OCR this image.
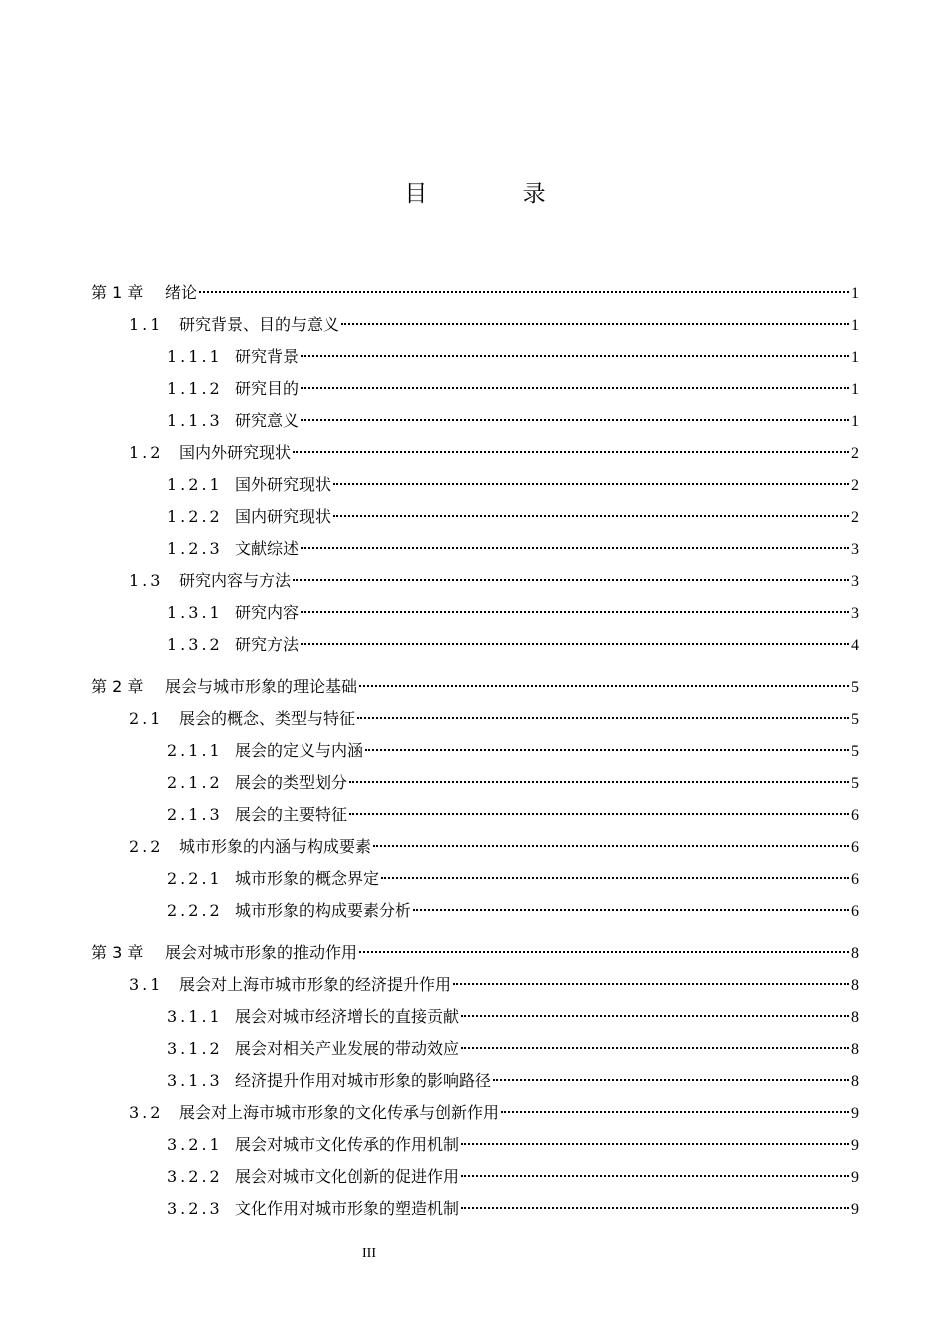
目 录
第 1 章	绪论	1
1.1 研究背景、目的与意义	1
1.1.1 研究背景	1
1.1.2 研究目的	1
1.1.3 研究意义	1
1.2 国内外研究现状	2
1.2.1 国外研究现状	2
1.2.2 国内研究现状	2
1.2.3 文献综述	3
1.3 研究内容与方法	3
1.3.1 研究内容	3
1.3.2 研究方法	4
第 2 章	展会与城市形象的理论基础	5
2.1 展会的概念、类型与特征	5
2.1.1 展会的定义与内涵	5
2.1.2 展会的类型划分	5
2.1.3 展会的主要特征	6
2.2 城市形象的内涵与构成要素	6
2.2.1 城市形象的概念界定	6
2.2.2 城市形象的构成要素分析	6
第 3 章	展会对城市形象的推动作用	8
3.1 展会对上海市城市形象的经济提升作用	8
3.1.1 展会对城市经济增长的直接贡献	8
3.1.2 展会对相关产业发展的带动效应	8
3.1.3 经济提升作用对城市形象的影响路径	8
3.2 展会对上海市城市形象的文化传承与创新作用	9
3.2.1 展会对城市文化传承的作用机制	9
3.2.2 展会对城市文化创新的促进作用	9
3.2.3 文化作用对城市形象的塑造机制	9
III
